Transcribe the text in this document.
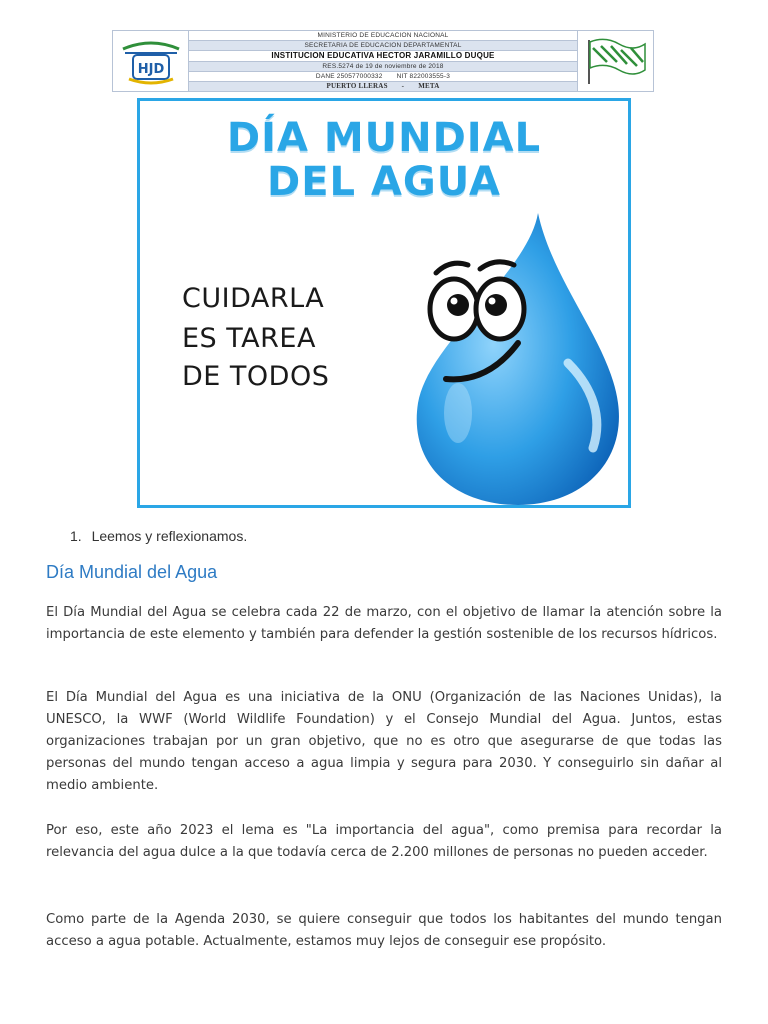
HJD
MINISTERIO DE EDUCACION NACIONAL
SECRETARIA DE EDUCACION DEPARTAMENTAL
INSTITUCION EDUCATIVA HECTOR JARAMILLO DUQUE
RES.5274 de 19 de noviembre de 2018
DANE 250577000332 NIT 822003555-3
PUERTO LLERAS - META
DÍA MUNDIAL
DEL AGUA
CUIDARLA
ES TAREA
DE TODOS
1. Leemos y reflexionamos.
Día Mundial del Agua

El Día Mundial del Agua se celebra cada 22 de marzo, con el objetivo de llamar la atención sobre la importancia de este elemento y también para defender la gestión sostenible de los recursos hídricos.

El Día Mundial del Agua es una iniciativa de la ONU (Organización de las Naciones Unidas), la UNESCO, la WWF (World Wildlife Foundation) y el Consejo Mundial del Agua. Juntos, estas organizaciones trabajan por un gran objetivo, que no es otro que asegurarse de que todas las personas del mundo tengan acceso a agua limpia y segura para 2030. Y conseguirlo sin dañar al medio ambiente.

Por eso, este año 2023 el lema es "La importancia del agua", como premisa para recordar la relevancia del agua dulce a la que todavía cerca de 2.200 millones de personas no pueden acceder.

Como parte de la Agenda 2030, se quiere conseguir que todos los habitantes del mundo tengan acceso a agua potable. Actualmente, estamos muy lejos de conseguir ese propósito.
